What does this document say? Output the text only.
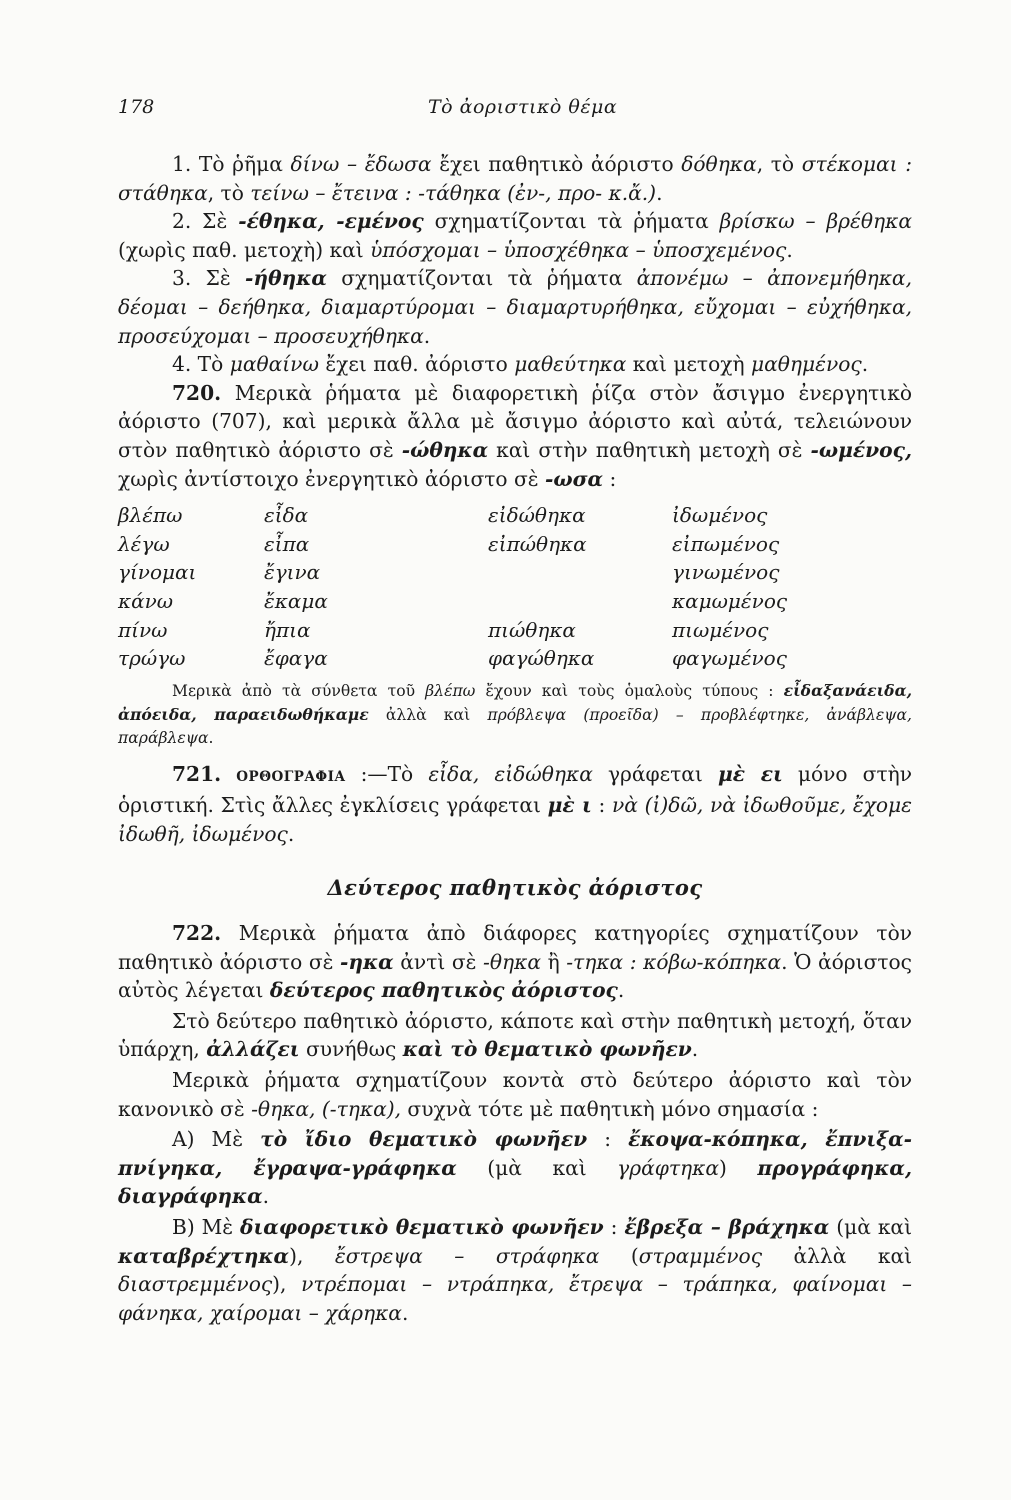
178	Τὸ ἀοριστικὸ θέμα

1. Τὸ ῥῆμα δίνω – ἔδωσα ἔχει παθητικὸ ἀόριστο δόθηκα, τὸ στέκομαι : στάθηκα, τὸ τείνω – ἔτεινα : -τάθηκα (ἐν-, προ- κ.ἄ.).

2. Σὲ -έθηκα, -εμένος σχηματίζονται τὰ ῥήματα βρίσκω – βρέθηκα (χωρὶς παθ. μετοχὴ) καὶ ὑπόσχομαι – ὑποσχέθηκα – ὑποσχεμένος.

3. Σὲ -ήθηκα σχηματίζονται τὰ ῥήματα ἀπονέμω – ἀπονεμήθηκα, δέομαι – δεήθηκα, διαμαρτύρομαι – διαμαρτυρήθηκα, εὔχομαι – εὐχήθηκα, προσεύχομαι – προσευχήθηκα.

4. Τὸ μαθαίνω ἔχει παθ. ἀόριστο μαθεύτηκα καὶ μετοχὴ μαθημένος.

720. Μερικὰ ῥήματα μὲ διαφορετικὴ ῥίζα στὸν ἄσιγμο ἐνεργητικὸ ἀόριστο (707), καὶ μερικὰ ἄλλα μὲ ἄσιγμο ἀόριστο καὶ αὐτά, τελειώνουν στὸν παθητικὸ ἀόριστο σὲ -ώθηκα καὶ στὴν παθητικὴ μετοχὴ σὲ -ωμένος, χωρὶς ἀντίστοιχο ἐνεργητικὸ ἀόριστο σὲ -ωσα :

βλέπω	εἶδα	εἰδώθηκα	ἰδωμένος
λέγω	εἶπα	εἰπώθηκα	εἰπωμένος
γίνομαι	ἔγινα		γινωμένος
κάνω	ἔκαμα		καμωμένος
πίνω	ἤπια	πιώθηκα	πιωμένος
τρώγω	ἔφαγα	φαγώθηκα	φαγωμένος

Μερικὰ ἀπὸ τὰ σύνθετα τοῦ βλέπω ἔχουν καὶ τοὺς ὁμαλοὺς τύπους : εἶδαξανάειδα, ἀπόειδα, παραειδωθήκαμε ἀλλὰ καὶ πρόβλεψα (προεῖδα) – προβλέφτηκε, ἀνάβλεψα, παράβλεψα.

721. ΟΡΘΟΓΡΑΦΙΑ :—Τὸ εἶδα, εἰδώθηκα γράφεται μὲ ει μόνο στὴν ὁριστική. Στὶς ἄλλες ἐγκλίσεις γράφεται μὲ ι : νὰ (ἰ)δῶ, νὰ ἰδωθοῦμε, ἔχομε ἰδωθῆ, ἰδωμένος.

Δεύτερος παθητικὸς ἀόριστος

722. Μερικὰ ῥήματα ἀπὸ διάφορες κατηγορίες σχηματίζουν τὸν παθητικὸ ἀόριστο σὲ -ηκα ἀντὶ σὲ -θηκα ἢ -τηκα : κόβω-κόπηκα. Ὁ ἀόριστος αὐτὸς λέγεται δεύτερος παθητικὸς ἀόριστος.

Στὸ δεύτερο παθητικὸ ἀόριστο, κάποτε καὶ στὴν παθητικὴ μετοχή, ὅταν ὑπάρχη, ἀλλάζει συνήθως καὶ τὸ θεματικὸ φωνῆεν.

Μερικὰ ῥήματα σχηματίζουν κοντὰ στὸ δεύτερο ἀόριστο καὶ τὸν κανονικὸ σὲ -θηκα, (-τηκα), συχνὰ τότε μὲ παθητικὴ μόνο σημασία :

Α) Μὲ τὸ ἴδιο θεματικὸ φωνῆεν : ἔκοψα-κόπηκα, ἔπνιξα-πνίγηκα, ἔγραψα-γράφηκα (μὰ καὶ γράφτηκα) προγράφηκα, διαγράφηκα.

Β) Μὲ διαφορετικὸ θεματικὸ φωνῆεν : ἔβρεξα – βράχηκα (μὰ καὶ καταβρέχτηκα), ἔστρεψα – στράφηκα (στραμμένος ἀλλὰ καὶ διαστρεμμένος), ντρέπομαι – ντράπηκα, ἔτρεψα – τράπηκα, φαίνομαι – φάνηκα, χαίρομαι – χάρηκα.
